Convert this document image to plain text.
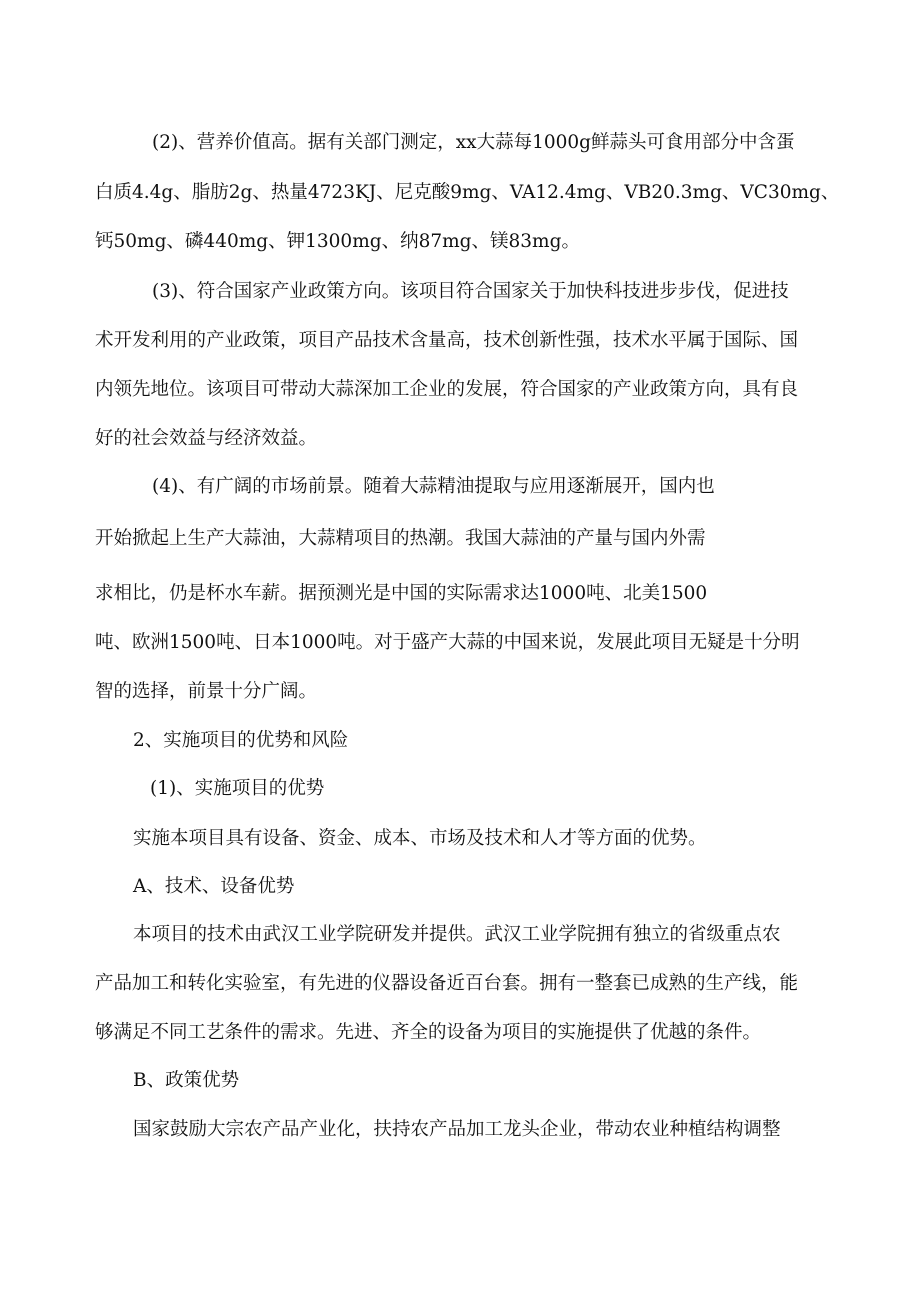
(2)、营养价值高。据有关部门测定，xx大蒜每1000g鲜蒜头可食用部分中含蛋
白质4.4g、脂肪2g、热量4723KJ、尼克酸9mg、VA12.4mg、VB20.3mg、VC30mg、
钙50mg、磷440mg、钾1300mg、纳87mg、镁83mg。
(3)、符合国家产业政策方向。该项目符合国家关于加快科技进步步伐，促进技
术开发利用的产业政策，项目产品技术含量高，技术创新性强，技术水平属于国际、国
内领先地位。该项目可带动大蒜深加工企业的发展，符合国家的产业政策方向，具有良
好的社会效益与经济效益。
(4)、有广阔的市场前景。随着大蒜精油提取与应用逐渐展开，国内也
开始掀起上生产大蒜油，大蒜精项目的热潮。我国大蒜油的产量与国内外需
求相比，仍是杯水车薪。据预测光是中国的实际需求达1000吨、北美1500
吨、欧洲1500吨、日本1000吨。对于盛产大蒜的中国来说，发展此项目无疑是十分明
智的选择，前景十分广阔。
2、实施项目的优势和风险
(1)、实施项目的优势
实施本项目具有设备、资金、成本、市场及技术和人才等方面的优势。
A、技术、设备优势
本项目的技术由武汉工业学院研发并提供。武汉工业学院拥有独立的省级重点农
产品加工和转化实验室，有先进的仪器设备近百台套。拥有一整套已成熟的生产线，能
够满足不同工艺条件的需求。先进、齐全的设备为项目的实施提供了优越的条件。
B、政策优势
国家鼓励大宗农产品产业化，扶持农产品加工龙头企业，带动农业种植结构调整
